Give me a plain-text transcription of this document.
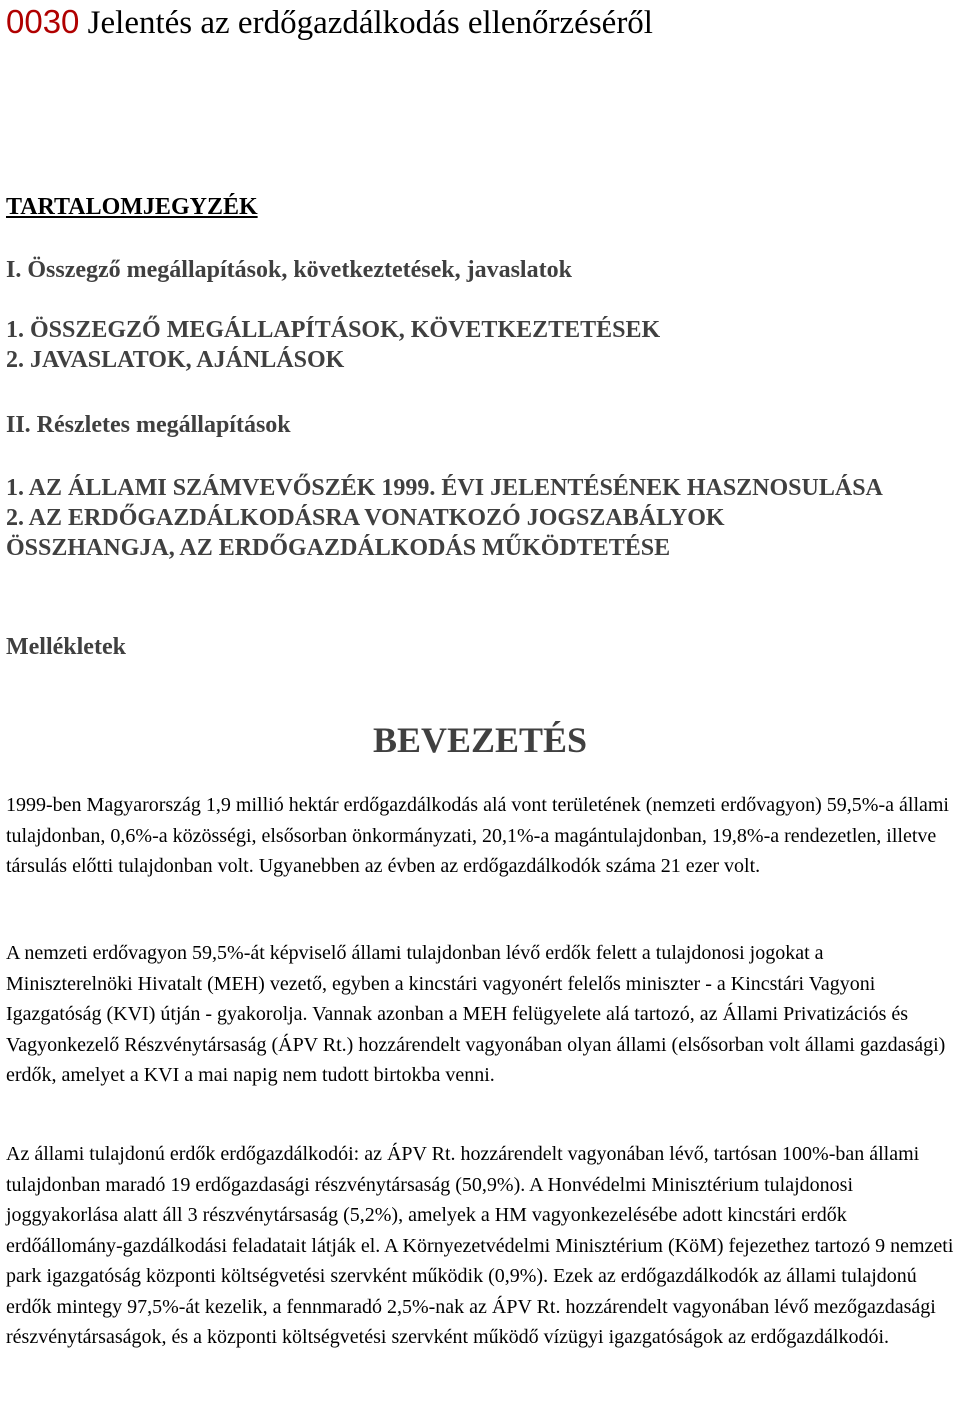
0030 Jelentés az erdőgazdálkodás ellenőrzéséről
TARTALOMJEGYZÉK

I. Összegző megállapítások, következtetések, javaslatok

1. ÖSSZEGZŐ MEGÁLLAPÍTÁSOK, KÖVETKEZTETÉSEK
2. JAVASLATOK, AJÁNLÁSOK

II. Részletes megállapítások

1. AZ ÁLLAMI SZÁMVEVŐSZÉK 1999. ÉVI JELENTÉSÉNEK HASZNOSULÁSA
2. AZ ERDŐGAZDÁLKODÁSRA VONATKOZÓ JOGSZABÁLYOK ÖSSZHANGJA, AZ ERDŐGAZDÁLKODÁS MŰKÖDTETÉSE

Mellékletek

BEVEZETÉS

1999-ben Magyarország 1,9 millió hektár erdőgazdálkodás alá vont területének (nemzeti erdővagyon) 59,5%-a állami tulajdonban, 0,6%-a közösségi, elsősorban önkormányzati, 20,1%-a magántulajdonban, 19,8%-a rendezetlen, illetve társulás előtti tulajdonban volt. Ugyanebben az évben az erdőgazdálkodók száma 21 ezer volt.

A nemzeti erdővagyon 59,5%-át képviselő állami tulajdonban lévő erdők felett a tulajdonosi jogokat a Miniszterelnöki Hivatalt (MEH) vezető, egyben a kincstári vagyonért felelős miniszter - a Kincstári Vagyoni Igazgatóság (KVI) útján - gyakorolja. Vannak azonban a MEH felügyelete alá tartozó, az Állami Privatizációs és Vagyonkezelő Részvénytársaság (ÁPV Rt.) hozzárendelt vagyonában olyan állami (elsősorban volt állami gazdasági) erdők, amelyet a KVI a mai napig nem tudott birtokba venni.

Az állami tulajdonú erdők erdőgazdálkodói: az ÁPV Rt. hozzárendelt vagyonában lévő, tartósan 100%-ban állami tulajdonban maradó 19 erdőgazdasági részvénytársaság (50,9%). A Honvédelmi Minisztérium tulajdonosi joggyakorlása alatt áll 3 részvénytársaság (5,2%), amelyek a HM vagyonkezelésébe adott kincstári erdők erdőállomány-gazdálkodási feladatait látják el. A Környezetvédelmi Minisztérium (KöM) fejezethez tartozó 9 nemzeti park igazgatóság központi költségvetési szervként működik (0,9%). Ezek az erdőgazdálkodók az állami tulajdonú erdők mintegy 97,5%-át kezelik, a fennmaradó 2,5%-nak az ÁPV Rt. hozzárendelt vagyonában lévő mezőgazdasági részvénytársaságok, és a központi költségvetési szervként működő vízügyi igazgatóságok az erdőgazdálkodói.
